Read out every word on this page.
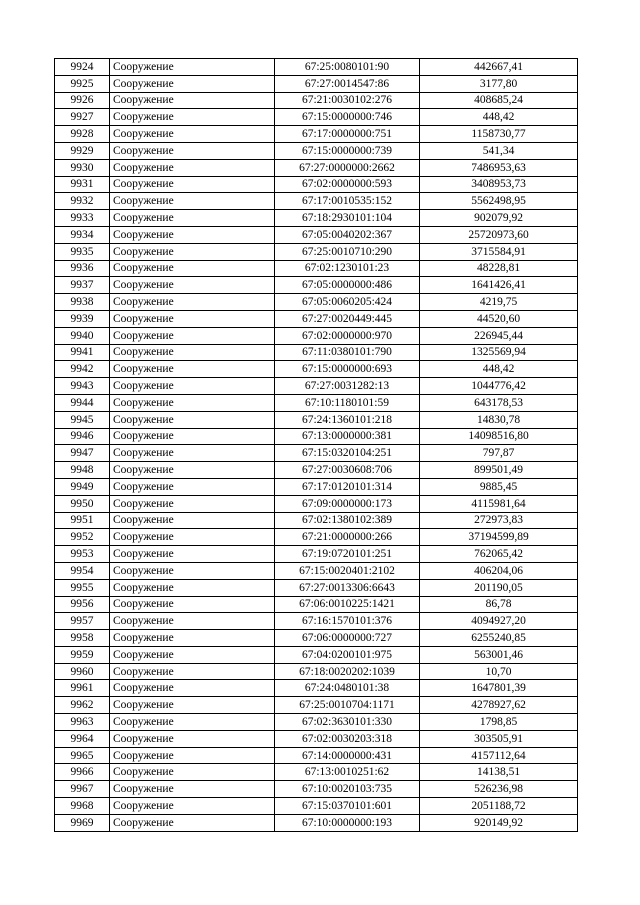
9924	Сооружение	67:25:0080101:90	442667,41
9925	Сооружение	67:27:0014547:86	3177,80
9926	Сооружение	67:21:0030102:276	408685,24
9927	Сооружение	67:15:0000000:746	448,42
9928	Сооружение	67:17:0000000:751	1158730,77
9929	Сооружение	67:15:0000000:739	541,34
9930	Сооружение	67:27:0000000:2662	7486953,63
9931	Сооружение	67:02:0000000:593	3408953,73
9932	Сооружение	67:17:0010535:152	5562498,95
9933	Сооружение	67:18:2930101:104	902079,92
9934	Сооружение	67:05:0040202:367	25720973,60
9935	Сооружение	67:25:0010710:290	3715584,91
9936	Сооружение	67:02:1230101:23	48228,81
9937	Сооружение	67:05:0000000:486	1641426,41
9938	Сооружение	67:05:0060205:424	4219,75
9939	Сооружение	67:27:0020449:445	44520,60
9940	Сооружение	67:02:0000000:970	226945,44
9941	Сооружение	67:11:0380101:790	1325569,94
9942	Сооружение	67:15:0000000:693	448,42
9943	Сооружение	67:27:0031282:13	1044776,42
9944	Сооружение	67:10:1180101:59	643178,53
9945	Сооружение	67:24:1360101:218	14830,78
9946	Сооружение	67:13:0000000:381	14098516,80
9947	Сооружение	67:15:0320104:251	797,87
9948	Сооружение	67:27:0030608:706	899501,49
9949	Сооружение	67:17:0120101:314	9885,45
9950	Сооружение	67:09:0000000:173	4115981,64
9951	Сооружение	67:02:1380102:389	272973,83
9952	Сооружение	67:21:0000000:266	37194599,89
9953	Сооружение	67:19:0720101:251	762065,42
9954	Сооружение	67:15:0020401:2102	406204,06
9955	Сооружение	67:27:0013306:6643	201190,05
9956	Сооружение	67:06:0010225:1421	86,78
9957	Сооружение	67:16:1570101:376	4094927,20
9958	Сооружение	67:06:0000000:727	6255240,85
9959	Сооружение	67:04:0200101:975	563001,46
9960	Сооружение	67:18:0020202:1039	10,70
9961	Сооружение	67:24:0480101:38	1647801,39
9962	Сооружение	67:25:0010704:1171	4278927,62
9963	Сооружение	67:02:3630101:330	1798,85
9964	Сооружение	67:02:0030203:318	303505,91
9965	Сооружение	67:14:0000000:431	4157112,64
9966	Сооружение	67:13:0010251:62	14138,51
9967	Сооружение	67:10:0020103:735	526236,98
9968	Сооружение	67:15:0370101:601	2051188,72
9969	Сооружение	67:10:0000000:193	920149,92
